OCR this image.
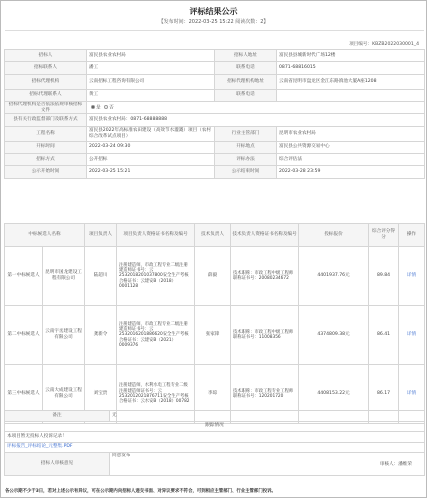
评标结果公示
【发布时间：2022-03-25 15:22 阅读次数：2】
项目编号：KBZB2022030001_4
招标人	富民县农业农村局	招标人地址	富民县县城新时代广场12楼
招标联系人	潘工	联系电话	0871-68816015
招标代理机构	云南招标工程咨询有限公司	招标代理机构地址	云南省昆明市盘龙区金江东路滇池大厦A座1208
招标代理联系人	黄工	联系电话	
招标代理机构是否依法依规审核招标文件	是 否		
县有关行政监督部门及联系方式	富民县农业农村局：0871-68888888		
工程名称	富民县2022年高标准农田建设（高效节水灌溉）项目（农村综合改革试点项目）	行业主管部门	昆明市农业农村局
开标时间	2022-03-24 09:30	开标地点	富民县公共资源交易中心
招标方式	公开招标	评标办法	综合评估法
公示开始时间	2022-03-25 15:21	公示结束时间	2022-03-28 23:59
中标候选人名称		项目负责人	项目负责人资格证书名称及编号	技术负责人	技术负责人资格证书名称及编号	投标报价	综合评分得分	操作
第一中标候选人	昆明市国龙建设工程有限公司	陆超川	注册建造师，市政工程专业二级注册建造师证书号：云2532018201037800安全生产考核合格证书：云建安B（2018）0001128	薛毅	技术职称：市政工程中级工程师职称证书号：20080234672	4401937.76元	89.84	详情
第二中标候选人	云南宇丞建设工程有限公司	龚新令	注册建造师，市政工程专业二级注册建造师证书号：云2532016201886620安全生产考核合格证书：云建安B（2021）0009376	张家锋	技术职称：市政工程中级工程师职称证书号：11008356	4374809.38元	86.41	详情
第三中标候选人	云南大成建设工程有限公司	刘宝贵	注册建造师，水利水电工程专业二级注册建造师证书号：云2532012021876711安全生产考核合格证书：云水安B（2018）00782	李琼	技术职称：市政工程专业工程师职称证书号：120201720	4408153.22元	86.17	详情
备注	无
跟踪情况	
本项目暂无投标人投诉记录！	
评标报告_评标结论_元整集.PDF	
招标人审核意见	同意发布
审核人：潘维荣
各公示期不少于3日，若对上述公示有异议，可在公示期内向招标人递交书面、对异议要求不符合，可到相应主管部门、行业主管部门投诉。
